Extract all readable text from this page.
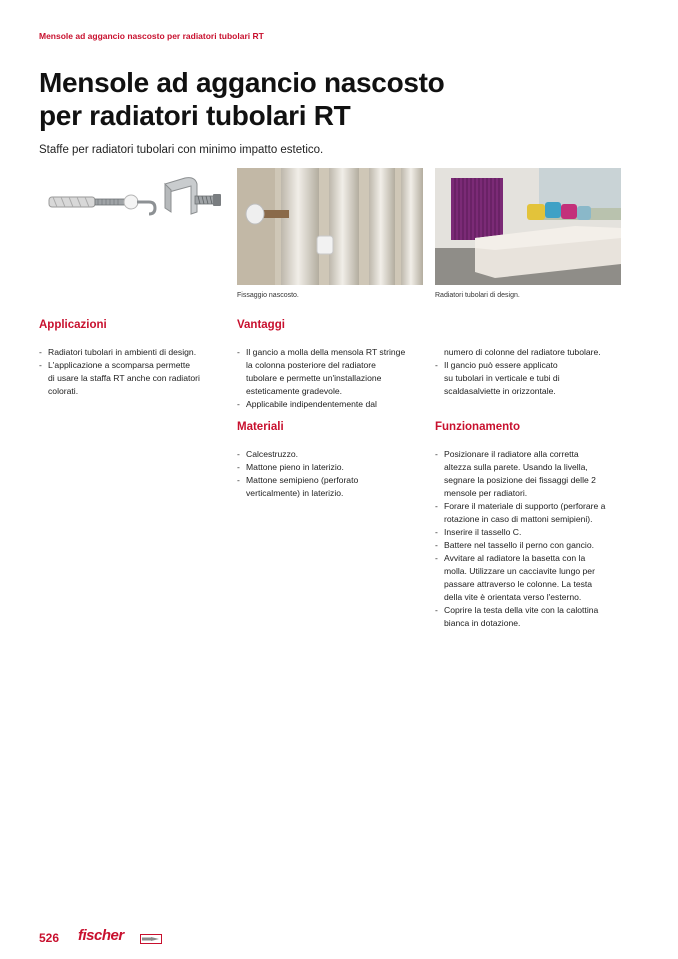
Mensole ad aggancio nascosto per radiatori tubolari RT
Mensole ad aggancio nascosto
per radiatori tubolari RT

Staffe per radiatori tubolari con minimo impatto estetico.

Fissaggio nascosto.	Radiatori tubolari di design.
Applicazioni
- Radiatori tubolari in ambienti di design.
- L'applicazione a scomparsa permette
di usare la staffa RT anche con radiatori
colorati.
Vantaggi
- Il gancio a molla della mensola RT stringe
la colonna posteriore del radiatore
tubolare e permette un'installazione
esteticamente gradevole.
- Applicabile indipendentemente dal
numero di colonne del radiatore tubolare.
- Il gancio può essere applicato
su tubolari in verticale e tubi di
scaldasalviette in orizzontale.
Materiali
- Calcestruzzo.
- Mattone pieno in laterizio.
- Mattone semipieno (perforato
verticalmente) in laterizio.
Funzionamento
- Posizionare il radiatore alla corretta
altezza sulla parete. Usando la livella,
segnare la posizione dei fissaggi delle 2
mensole per radiatori.
- Forare il materiale di supporto (perforare a
rotazione in caso di mattoni semipieni).
- Inserire il tassello C.
- Battere nel tassello il perno con gancio.
- Avvitare al radiatore la basetta con la
molla. Utilizzare un cacciavite lungo per
passare attraverso le colonne. La testa
della vite è orientata verso l'esterno.
- Coprire la testa della vite con la calottina
bianca in dotazione.
526 fischer
